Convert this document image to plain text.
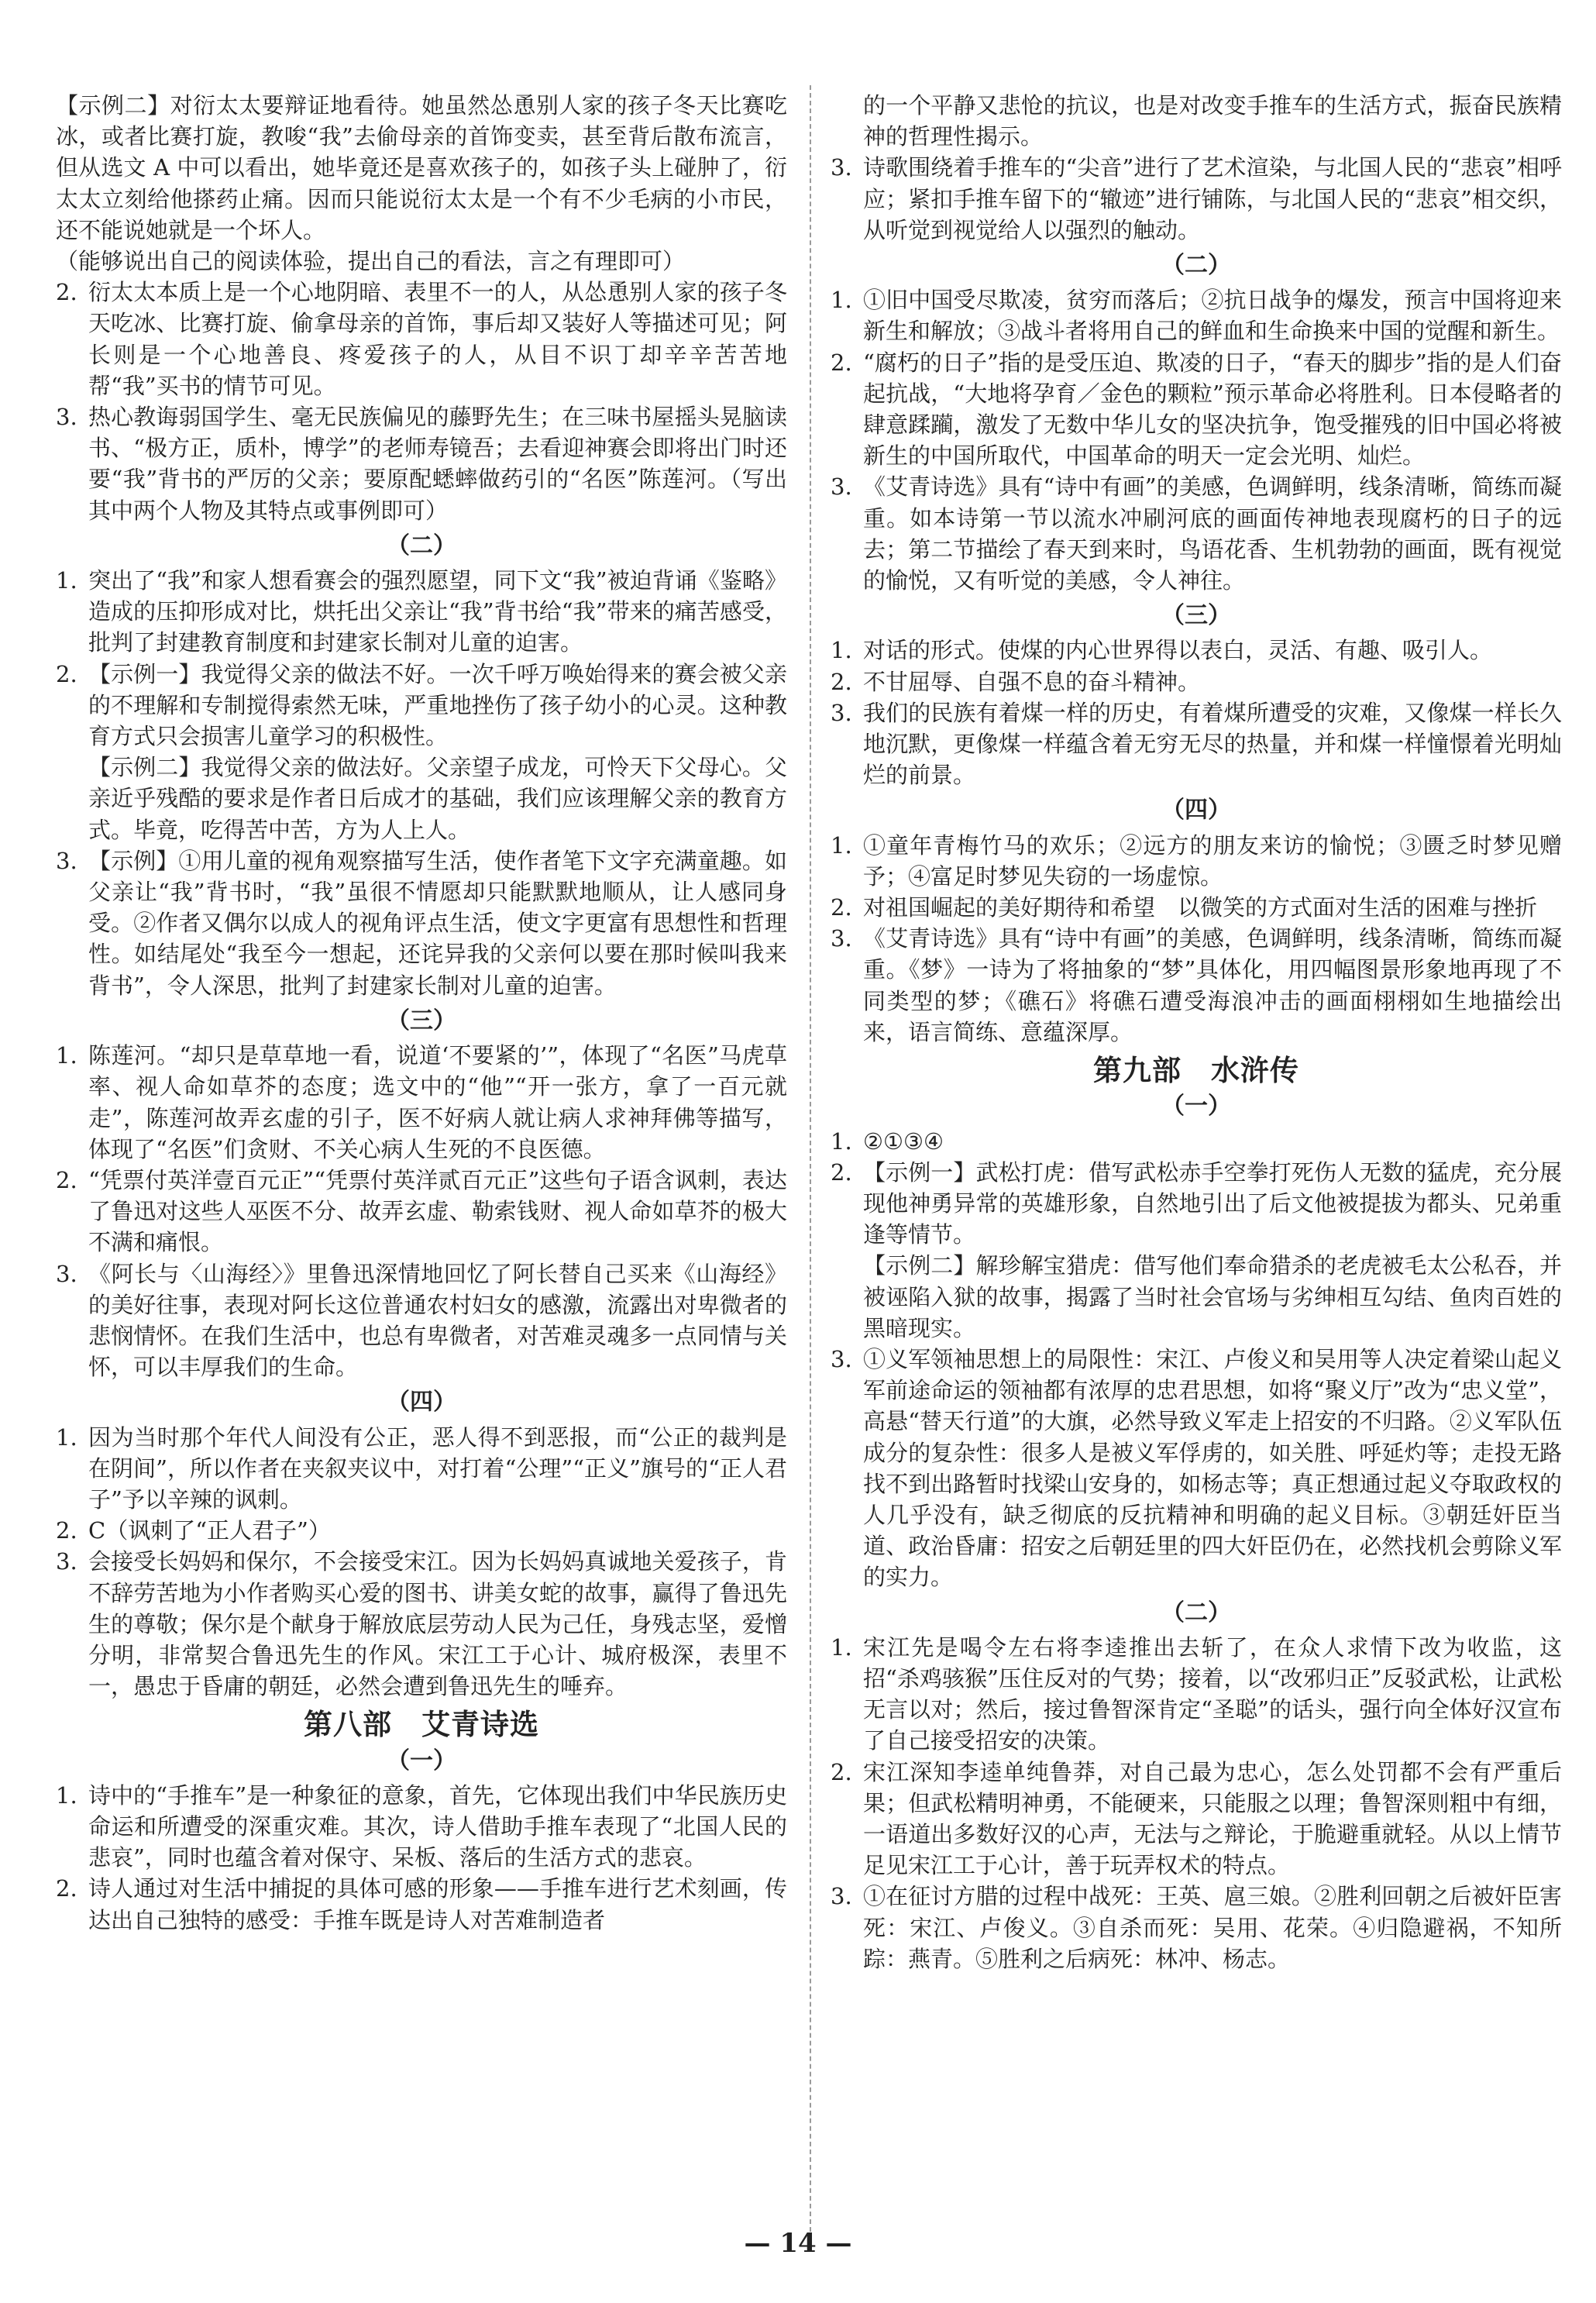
【示例二】对衍太太要辩证地看待。她虽然怂恿别人家的孩子冬天比赛吃冰，或者比赛打旋，教唆“我”去偷母亲的首饰变卖，甚至背后散布流言，但从选文 A 中可以看出，她毕竟还是喜欢孩子的，如孩子头上碰肿了，衍太太立刻给他搽药止痛。因而只能说衍太太是一个有不少毛病的小市民，还不能说她就是一个坏人。

（能够说出自己的阅读体验，提出自己的看法，言之有理即可）

2. 衍太太本质上是一个心地阴暗、表里不一的人，从怂恿别人家的孩子冬天吃冰、比赛打旋、偷拿母亲的首饰，事后却又装好人等描述可见；阿长则是一个心地善良、疼爱孩子的人，从目不识丁却辛辛苦苦地帮“我”买书的情节可见。
3. 热心教诲弱国学生、毫无民族偏见的藤野先生；在三味书屋摇头晃脑读书、“极方正，质朴，博学”的老师寿镜吾；去看迎神赛会即将出门时还要“我”背书的严厉的父亲；要原配蟋蟀做药引的“名医”陈莲河。（写出其中两个人物及其特点或事例即可）
（二）
1. 突出了“我”和家人想看赛会的强烈愿望，同下文“我”被迫背诵《鉴略》造成的压抑形成对比，烘托出父亲让“我”背书给“我”带来的痛苦感受，批判了封建教育制度和封建家长制对儿童的迫害。
2. 【示例一】我觉得父亲的做法不好。一次千呼万唤始得来的赛会被父亲的不理解和专制搅得索然无味，严重地挫伤了孩子幼小的心灵。这种教育方式只会损害儿童学习的积极性。

【示例二】我觉得父亲的做法好。父亲望子成龙，可怜天下父母心。父亲近乎残酷的要求是作者日后成才的基础，我们应该理解父亲的教育方式。毕竟，吃得苦中苦，方为人上人。

3. 【示例】①用儿童的视角观察描写生活，使作者笔下文字充满童趣。如父亲让“我”背书时，“我”虽很不情愿却只能默默地顺从，让人感同身受。②作者又偶尔以成人的视角评点生活，使文字更富有思想性和哲理性。如结尾处“我至今一想起，还诧异我的父亲何以要在那时候叫我来背书”，令人深思，批判了封建家长制对儿童的迫害。
（三）
1. 陈莲河。“却只是草草地一看，说道‘不要紧的’”，体现了“名医”马虎草率、视人命如草芥的态度；选文中的“他”“开一张方，拿了一百元就走”，陈莲河故弄玄虚的引子，医不好病人就让病人求神拜佛等描写，体现了“名医”们贪财、不关心病人生死的不良医德。
2. “凭票付英洋壹百元正”“凭票付英洋贰百元正”这些句子语含讽刺，表达了鲁迅对这些人巫医不分、故弄玄虚、勒索钱财、视人命如草芥的极大不满和痛恨。
3. 《阿长与〈山海经〉》里鲁迅深情地回忆了阿长替自己买来《山海经》的美好往事，表现对阿长这位普通农村妇女的感激，流露出对卑微者的悲悯情怀。在我们生活中，也总有卑微者，对苦难灵魂多一点同情与关怀，可以丰厚我们的生命。
（四）
1. 因为当时那个年代人间没有公正，恶人得不到恶报，而“公正的裁判是在阴间”，所以作者在夹叙夹议中，对打着“公理”“正义”旗号的“正人君子”予以辛辣的讽刺。
2. C（讽刺了“正人君子”）
3. 会接受长妈妈和保尔，不会接受宋江。因为长妈妈真诚地关爱孩子，肯不辞劳苦地为小作者购买心爱的图书、讲美女蛇的故事，赢得了鲁迅先生的尊敬；保尔是个献身于解放底层劳动人民为己任，身残志坚，爱憎分明，非常契合鲁迅先生的作风。宋江工于心计、城府极深，表里不一，愚忠于昏庸的朝廷，必然会遭到鲁迅先生的唾弃。
第八部　艾青诗选
（一）
1. 诗中的“手推车”是一种象征的意象，首先，它体现出我们中华民族历史命运和所遭受的深重灾难。其次，诗人借助手推车表现了“北国人民的悲哀”，同时也蕴含着对保守、呆板、落后的生活方式的悲哀。
2. 诗人通过对生活中捕捉的具体可感的形象——手推车进行艺术刻画，传达出自己独特的感受：手推车既是诗人对苦难制造者

的一个平静又悲怆的抗议，也是对改变手推车的生活方式，振奋民族精神的哲理性揭示。

3. 诗歌围绕着手推车的“尖音”进行了艺术渲染，与北国人民的“悲哀”相呼应；紧扣手推车留下的“辙迹”进行铺陈，与北国人民的“悲哀”相交织，从听觉到视觉给人以强烈的触动。
（二）
1. ①旧中国受尽欺凌，贫穷而落后；②抗日战争的爆发，预言中国将迎来新生和解放；③战斗者将用自己的鲜血和生命换来中国的觉醒和新生。
2. “腐朽的日子”指的是受压迫、欺凌的日子，“春天的脚步”指的是人们奋起抗战，“大地将孕育／金色的颗粒”预示革命必将胜利。日本侵略者的肆意蹂躏，激发了无数中华儿女的坚决抗争，饱受摧残的旧中国必将被新生的中国所取代，中国革命的明天一定会光明、灿烂。
3. 《艾青诗选》具有“诗中有画”的美感，色调鲜明，线条清晰，简练而凝重。如本诗第一节以流水冲刷河底的画面传神地表现腐朽的日子的远去；第二节描绘了春天到来时，鸟语花香、生机勃勃的画面，既有视觉的愉悦，又有听觉的美感，令人神往。
（三）
1. 对话的形式。使煤的内心世界得以表白，灵活、有趣、吸引人。
2. 不甘屈辱、自强不息的奋斗精神。
3. 我们的民族有着煤一样的历史，有着煤所遭受的灾难，又像煤一样长久地沉默，更像煤一样蕴含着无穷无尽的热量，并和煤一样憧憬着光明灿烂的前景。
（四）
1. ①童年青梅竹马的欢乐；②远方的朋友来访的愉悦；③匮乏时梦见赠予；④富足时梦见失窃的一场虚惊。
2. 对祖国崛起的美好期待和希望　以微笑的方式面对生活的困难与挫折
3. 《艾青诗选》具有“诗中有画”的美感，色调鲜明，线条清晰，简练而凝重。《梦》一诗为了将抽象的“梦”具体化，用四幅图景形象地再现了不同类型的梦；《礁石》将礁石遭受海浪冲击的画面栩栩如生地描绘出来，语言简练、意蕴深厚。
第九部　水浒传
（一）
1. ②①③④
2. 【示例一】武松打虎：借写武松赤手空拳打死伤人无数的猛虎，充分展现他神勇异常的英雄形象，自然地引出了后文他被提拔为都头、兄弟重逢等情节。

【示例二】解珍解宝猎虎：借写他们奉命猎杀的老虎被毛太公私吞，并被诬陷入狱的故事，揭露了当时社会官场与劣绅相互勾结、鱼肉百姓的黑暗现实。

3. ①义军领袖思想上的局限性：宋江、卢俊义和吴用等人决定着梁山起义军前途命运的领袖都有浓厚的忠君思想，如将“聚义厅”改为“忠义堂”，高悬“替天行道”的大旗，必然导致义军走上招安的不归路。②义军队伍成分的复杂性：很多人是被义军俘虏的，如关胜、呼延灼等；走投无路找不到出路暂时找梁山安身的，如杨志等；真正想通过起义夺取政权的人几乎没有，缺乏彻底的反抗精神和明确的起义目标。③朝廷奸臣当道、政治昏庸：招安之后朝廷里的四大奸臣仍在，必然找机会剪除义军的实力。
（二）
1. 宋江先是喝令左右将李逵推出去斩了，在众人求情下改为收监，这招“杀鸡骇猴”压住反对的气势；接着，以“改邪归正”反驳武松，让武松无言以对；然后，接过鲁智深肯定“圣聪”的话头，强行向全体好汉宣布了自己接受招安的决策。
2. 宋江深知李逵单纯鲁莽，对自己最为忠心，怎么处罚都不会有严重后果；但武松精明神勇，不能硬来，只能服之以理；鲁智深则粗中有细，一语道出多数好汉的心声，无法与之辩论，于脆避重就轻。从以上情节足见宋江工于心计，善于玩弄权术的特点。
3. ①在征讨方腊的过程中战死：王英、扈三娘。②胜利回朝之后被奸臣害死：宋江、卢俊义。③自杀而死：吴用、花荣。④归隐避祸，不知所踪：燕青。⑤胜利之后病死：林冲、杨志。
— 14 —
